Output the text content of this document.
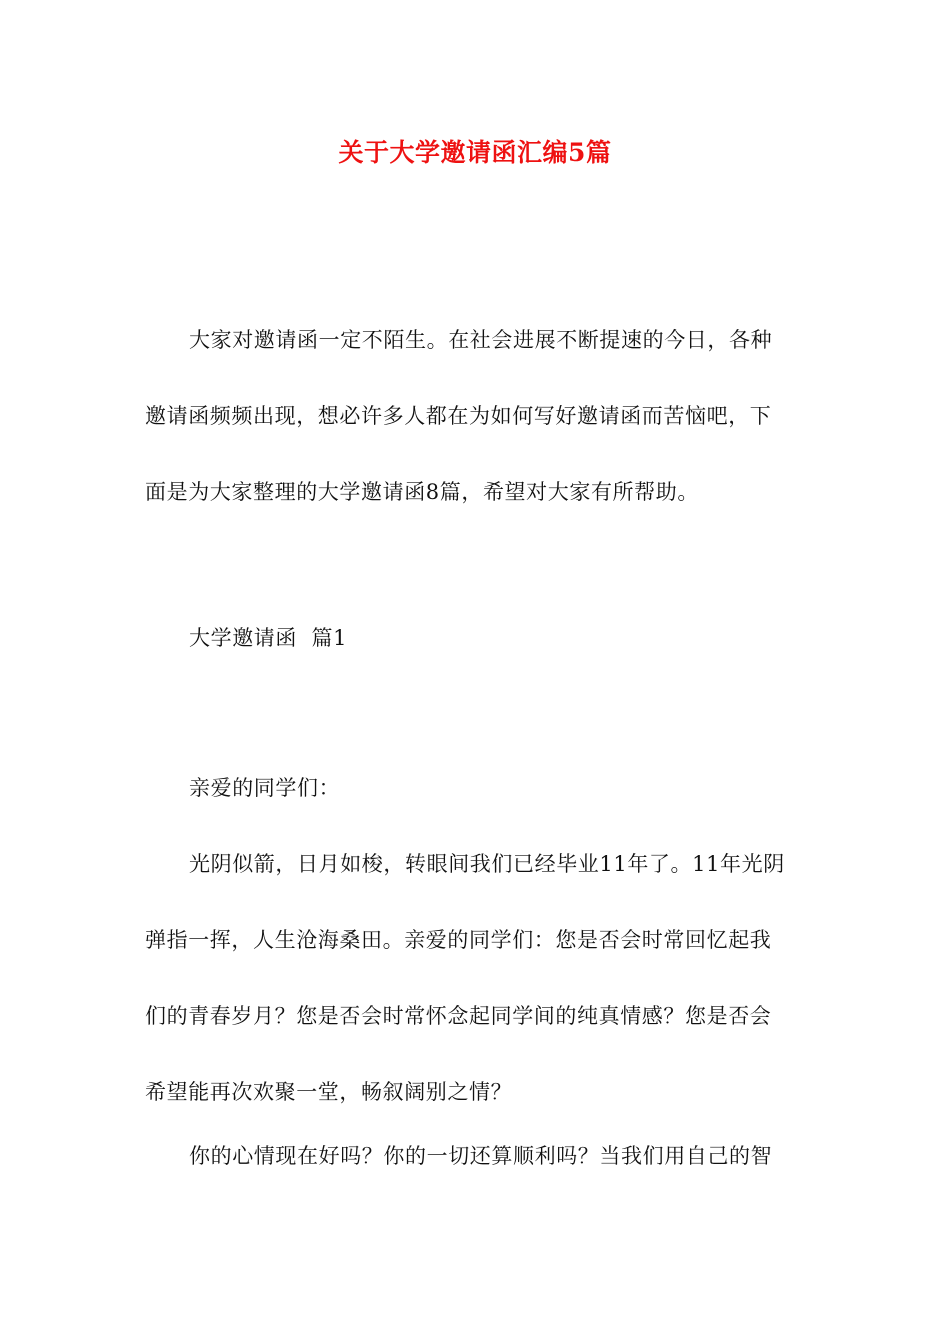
关于大学邀请函汇编5篇
大家对邀请函一定不陌生。在社会进展不断提速的今日，各种
邀请函频频出现，想必许多人都在为如何写好邀请函而苦恼吧，下
面是为大家整理的大学邀请函8篇，希望对大家有所帮助。
大学邀请函  篇1
亲爱的同学们：
光阴似箭，日月如梭，转眼间我们已经毕业11年了。11年光阴
弹指一挥，人生沧海桑田。亲爱的同学们：您是否会时常回忆起我
们的青春岁月？您是否会时常怀念起同学间的纯真情感？您是否会
希望能再次欢聚一堂，畅叙阔别之情？
你的心情现在好吗？你的一切还算顺利吗？当我们用自己的智
